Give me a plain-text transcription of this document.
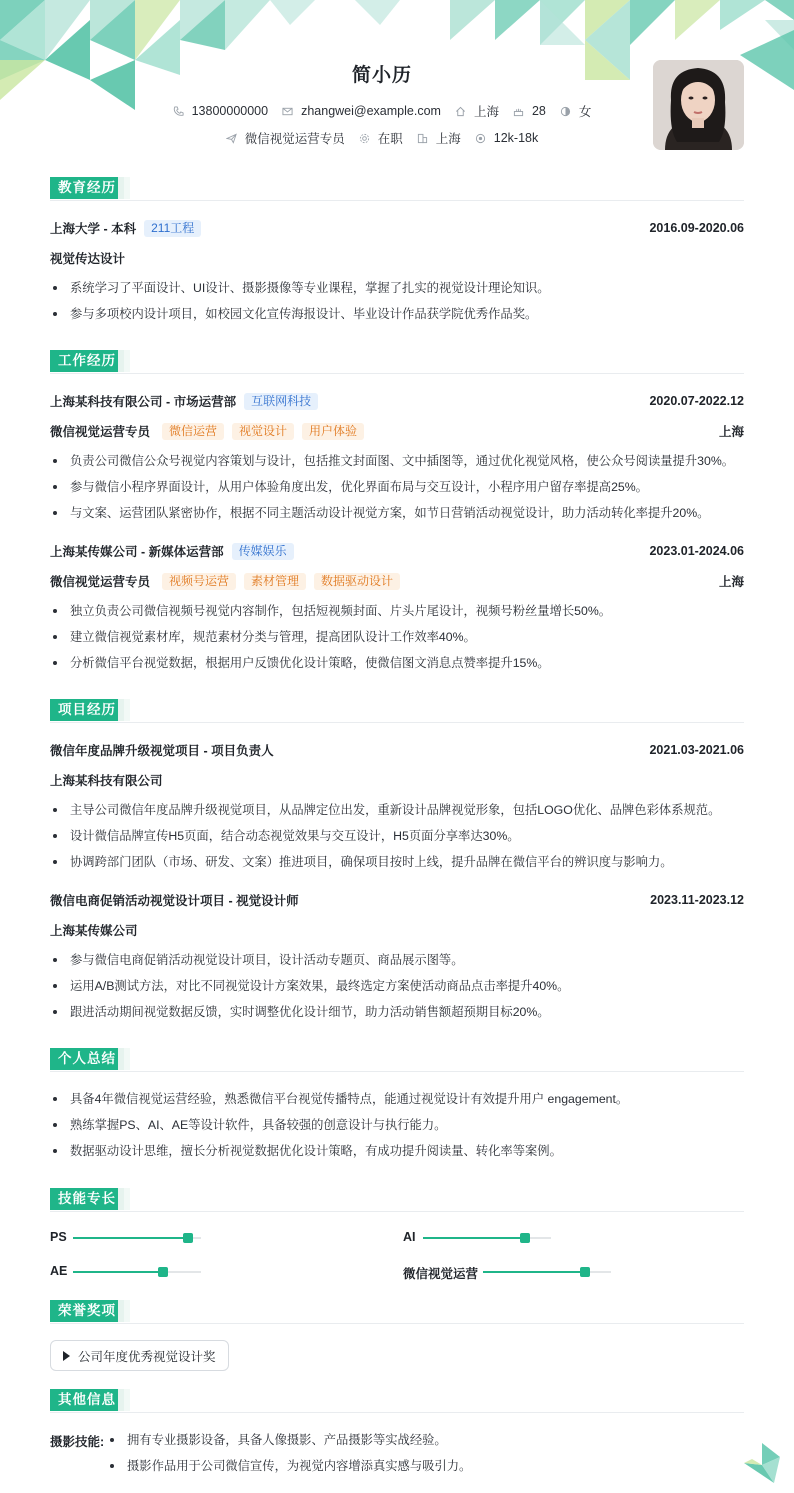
简小历
13800000000	zhangwei@example.com	上海	28	女
微信视觉运营专员	在职	上海	12k-18k
教育经历
上海大学 - 本科	211工程	2016.09-2020.06
视觉传达设计
系统学习了平面设计、UI设计、摄影摄像等专业课程，掌握了扎实的视觉设计理论知识。
参与多项校内设计项目，如校园文化宣传海报设计、毕业设计作品获学院优秀作品奖。
工作经历
上海某科技有限公司 - 市场运营部	互联网科技	2020.07-2022.12
微信视觉运营专员	微信运营	视觉设计	用户体验	上海
负责公司微信公众号视觉内容策划与设计，包括推文封面图、文中插图等，通过优化视觉风格，使公众号阅读量提升30%。
参与微信小程序界面设计，从用户体验角度出发，优化界面布局与交互设计，小程序用户留存率提高25%。
与文案、运营团队紧密协作，根据不同主题活动设计视觉方案，如节日营销活动视觉设计，助力活动转化率提升20%。
上海某传媒公司 - 新媒体运营部	传媒娱乐	2023.01-2024.06
微信视觉运营专员	视频号运营	素材管理	数据驱动设计	上海
独立负责公司微信视频号视觉内容制作，包括短视频封面、片头片尾设计，视频号粉丝量增长50%。
建立微信视觉素材库，规范素材分类与管理，提高团队设计工作效率40%。
分析微信平台视觉数据，根据用户反馈优化设计策略，使微信图文消息点赞率提升15%。
项目经历
微信年度品牌升级视觉项目 - 项目负责人	2021.03-2021.06
上海某科技有限公司
主导公司微信年度品牌升级视觉项目，从品牌定位出发，重新设计品牌视觉形象，包括LOGO优化、品牌色彩体系规范。
设计微信品牌宣传H5页面，结合动态视觉效果与交互设计，H5页面分享率达30%。
协调跨部门团队（市场、研发、文案）推进项目，确保项目按时上线，提升品牌在微信平台的辨识度与影响力。
微信电商促销活动视觉设计项目 - 视觉设计师	2023.11-2023.12
上海某传媒公司
参与微信电商促销活动视觉设计项目，设计活动专题页、商品展示图等。
运用A/B测试方法，对比不同视觉设计方案效果，最终选定方案使活动商品点击率提升40%。
跟进活动期间视觉数据反馈，实时调整优化设计细节，助力活动销售额超预期目标20%。
个人总结
具备4年微信视觉运营经验，熟悉微信平台视觉传播特点，能通过视觉设计有效提升用户 engagement。
熟练掌握PS、AI、AE等设计软件，具备较强的创意设计与执行能力。
数据驱动设计思维，擅长分析视觉数据优化设计策略，有成功提升阅读量、转化率等案例。
技能专长
PS	AI
AE	微信视觉运营
荣誉奖项
公司年度优秀视觉设计奖
其他信息
摄影技能:	拥有专业摄影设备，具备人像摄影、产品摄影等实战经验。
摄影作品用于公司微信宣传，为视觉内容增添真实感与吸引力。
